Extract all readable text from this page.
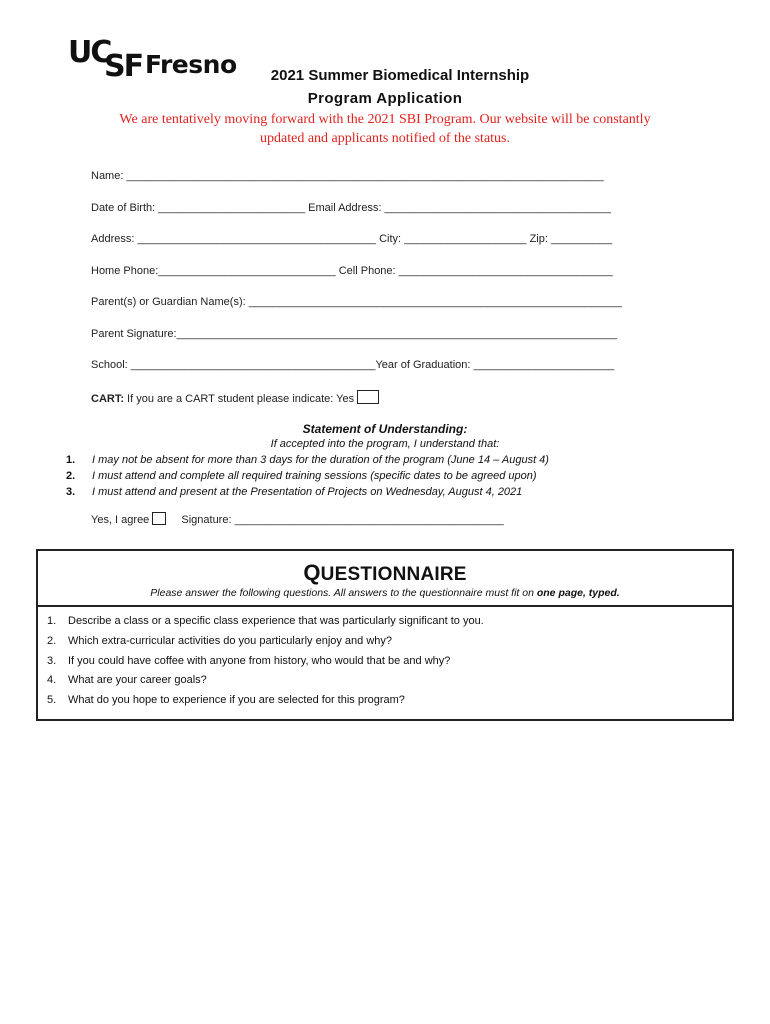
UC
SF Fresno	2021 Summer Biomedical Internship
Program Application
We are tentatively moving forward with the 2021 SBI Program. Our website will be constantly updated and applicants notified of the status.
Name: ______________________________________________________________________________
Date of Birth: ________________________ Email Address: _____________________________________
Address: _______________________________________ City: ____________________ Zip: __________
Home Phone:_____________________________ Cell Phone: ___________________________________
Parent(s) or Guardian Name(s): _____________________________________________________________
Parent Signature:________________________________________________________________________
School: ________________________________________Year of Graduation: _______________________
CART: If you are a CART student please indicate: Yes
Statement of Understanding:
If accepted into the program, I understand that:
1. I may not be absent for more than 3 days for the duration of the program (June 14 – August 4)
2. I must attend and complete all required training sessions (specific dates to be agreed upon)
3. I must attend and present at the Presentation of Projects on Wednesday, August 4, 2021
Yes, I agree	Signature: ____________________________________________
QUESTIONNAIRE
Please answer the following questions. All answers to the questionnaire must fit on one page, typed.
1. Describe a class or a specific class experience that was particularly significant to you.
2. Which extra-curricular activities do you particularly enjoy and why?
3. If you could have coffee with anyone from history, who would that be and why?
4. What are your career goals?
5. What do you hope to experience if you are selected for this program?
